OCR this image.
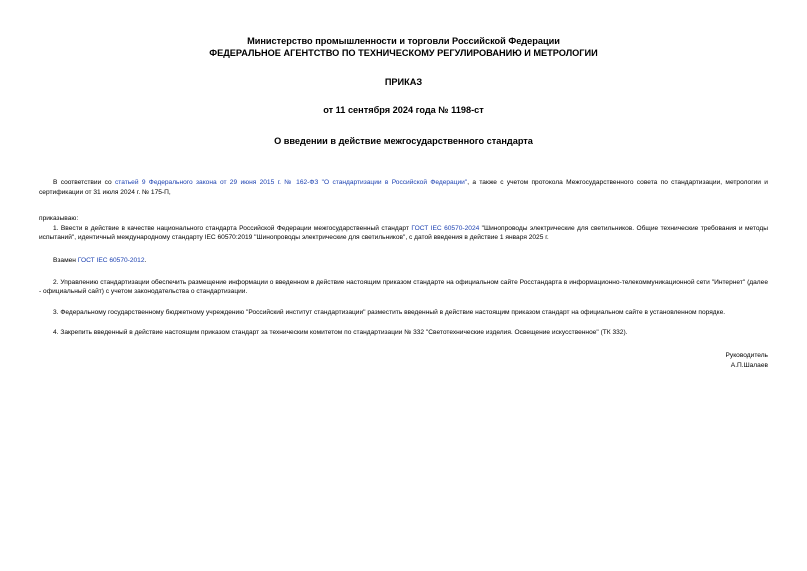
Министерство промышленности и торговли Российской Федерации
ФЕДЕРАЛЬНОЕ АГЕНТСТВО ПО ТЕХНИЧЕСКОМУ РЕГУЛИРОВАНИЮ И МЕТРОЛОГИИ
ПРИКАЗ
от 11 сентября 2024 года № 1198-ст
О введении в действие межгосударственного стандарта

В соответствии со статьей 9 Федерального закона от 29 июня 2015 г. № 162-ФЗ "О стандартизации в Российской Федерации", а также с учетом протокола Межгосударственного совета по стандартизации, метрологии и сертификации от 31 июля 2024 г. № 175-П,

приказываю:

1. Ввести в действие в качестве национального стандарта Российской Федерации межгосударственный стандарт ГОСТ IEC 60570-2024 "Шинопроводы электрические для светильников. Общие технические требования и методы испытаний", идентичный международному стандарту IEC 60570:2019 "Шинопроводы электрические для светильников", с датой введения в действие 1 января 2025 г.

Взамен ГОСТ IEC 60570-2012.

2. Управлению стандартизации обеспечить размещение информации о введенном в действие настоящим приказом стандарте на официальном сайте Росстандарта в информационно-телекоммуникационной сети "Интернет" (далее - официальный сайт) с учетом законодательства о стандартизации.

3. Федеральному государственному бюджетному учреждению "Российский институт стандартизации" разместить введенный в действие настоящим приказом стандарт на официальном сайте в установленном порядке.

4. Закрепить введенный в действие настоящим приказом стандарт за техническим комитетом по стандартизации № 332 "Светотехнические изделия. Освещение искусственное" (ТК 332).

Руководитель
А.П.Шалаев
